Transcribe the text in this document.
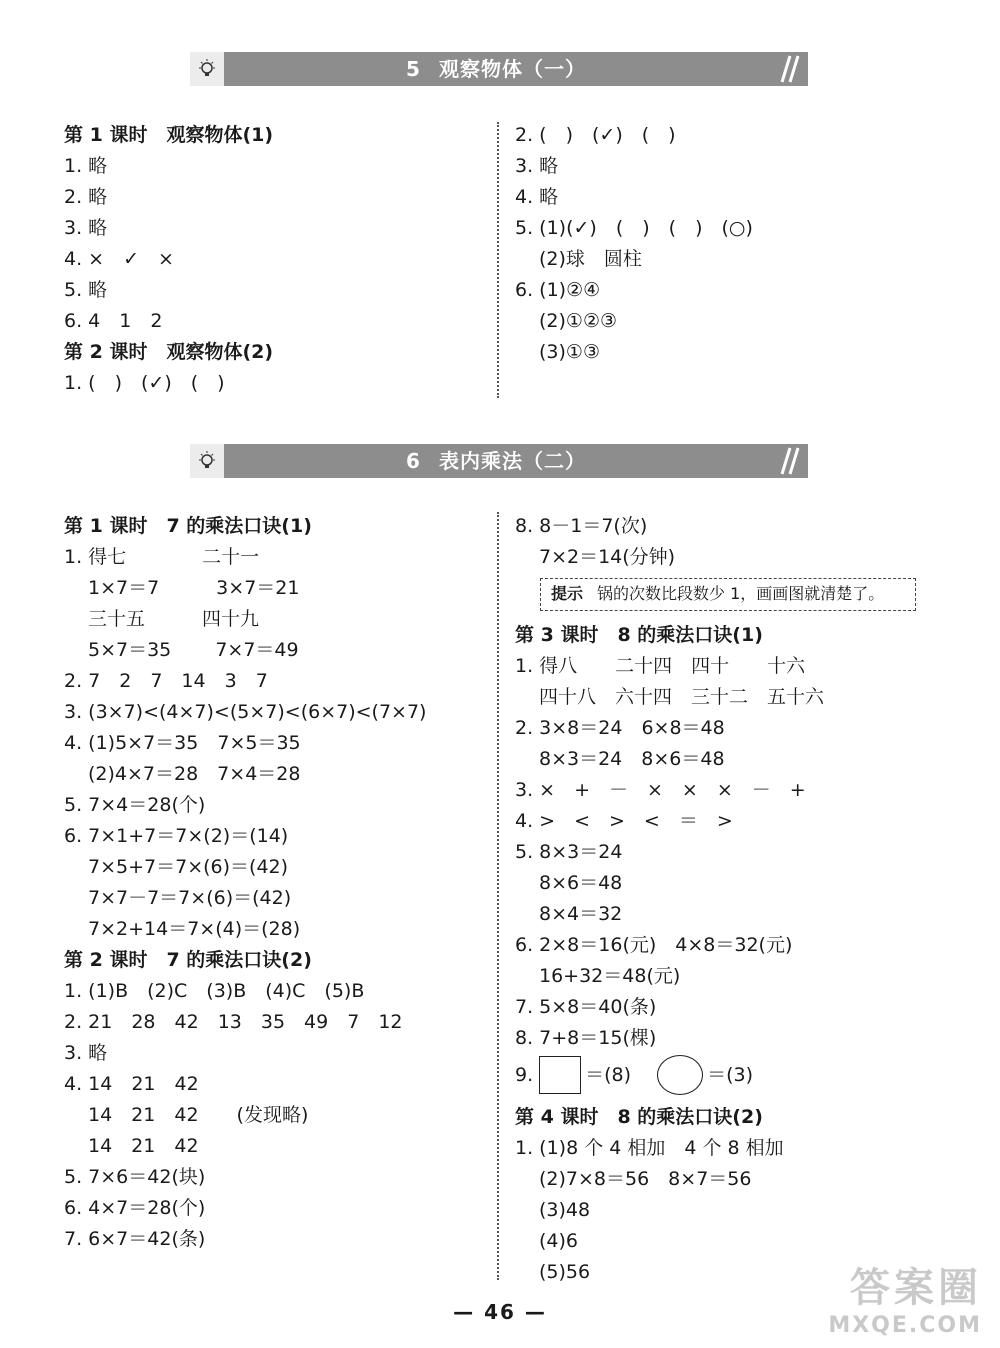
5 观察物体（一）
第 1 课时　观察物体(1)
1. 略
2. 略
3. 略
4. ×　✓　×
5. 略
6. 4　1　2
第 2 课时　观察物体(2)
1. (　)　(✓)　(　)
2. (　)　(✓)　(　)
3. 略
4. 略
5. (1)(✓)　(　)　(　)　(○)
(2)球　圆柱
6. (1)②④
(2)①②③
(3)①③
6 表内乘法（二）
第 1 课时　7 的乘法口诀(1)
1. 得七　　　　二十一
1×7＝7　　　3×7＝21
三十五　　　四十九
5×7＝35　　 7×7＝49
2. 7　2　7　14　3　7
3. (3×7)<(4×7)<(5×7)<(6×7)<(7×7)
4. (1)5×7＝35　7×5＝35
(2)4×7＝28　7×4＝28
5. 7×4＝28(个)
6. 7×1+7＝7×(2)＝(14)
7×5+7＝7×(6)＝(42)
7×7－7＝7×(6)＝(42)
7×2+14＝7×(4)＝(28)
第 2 课时　7 的乘法口诀(2)
1. (1)B　(2)C　(3)B　(4)C　(5)B
2. 21　28　42　13　35　49　7　12
3. 略
4. 14　21　42
14　21　42　　(发现略)
14　21　42
5. 7×6＝42(块)
6. 4×7＝28(个)
7. 6×7＝42(条)
8. 8－1＝7(次)
7×2＝14(分钟)
提示 锅的次数比段数少 1，画画图就清楚了。
第 3 课时　8 的乘法口诀(1)
1. 得八　　二十四　四十　　十六
四十八　六十四　三十二　五十六
2. 3×8＝24　6×8＝48
8×3＝24　8×6＝48
3. ×　+　－　×　×　×　－　+
4. >　<　>　<　＝　>
5. 8×3＝24
8×6＝48
8×4＝32
6. 2×8＝16(元)　4×8＝32(元)
16+32＝48(元)
7. 5×8＝40(条)
8. 7+8＝15(棵)
9.	＝(8)	＝(3)
第 4 课时　8 的乘法口诀(2)
1. (1)8 个 4 相加　4 个 8 相加
(2)7×8＝56　8×7＝56
(3)48
(4)6
(5)56
— 46 —
答案圈
MXQE.COM
